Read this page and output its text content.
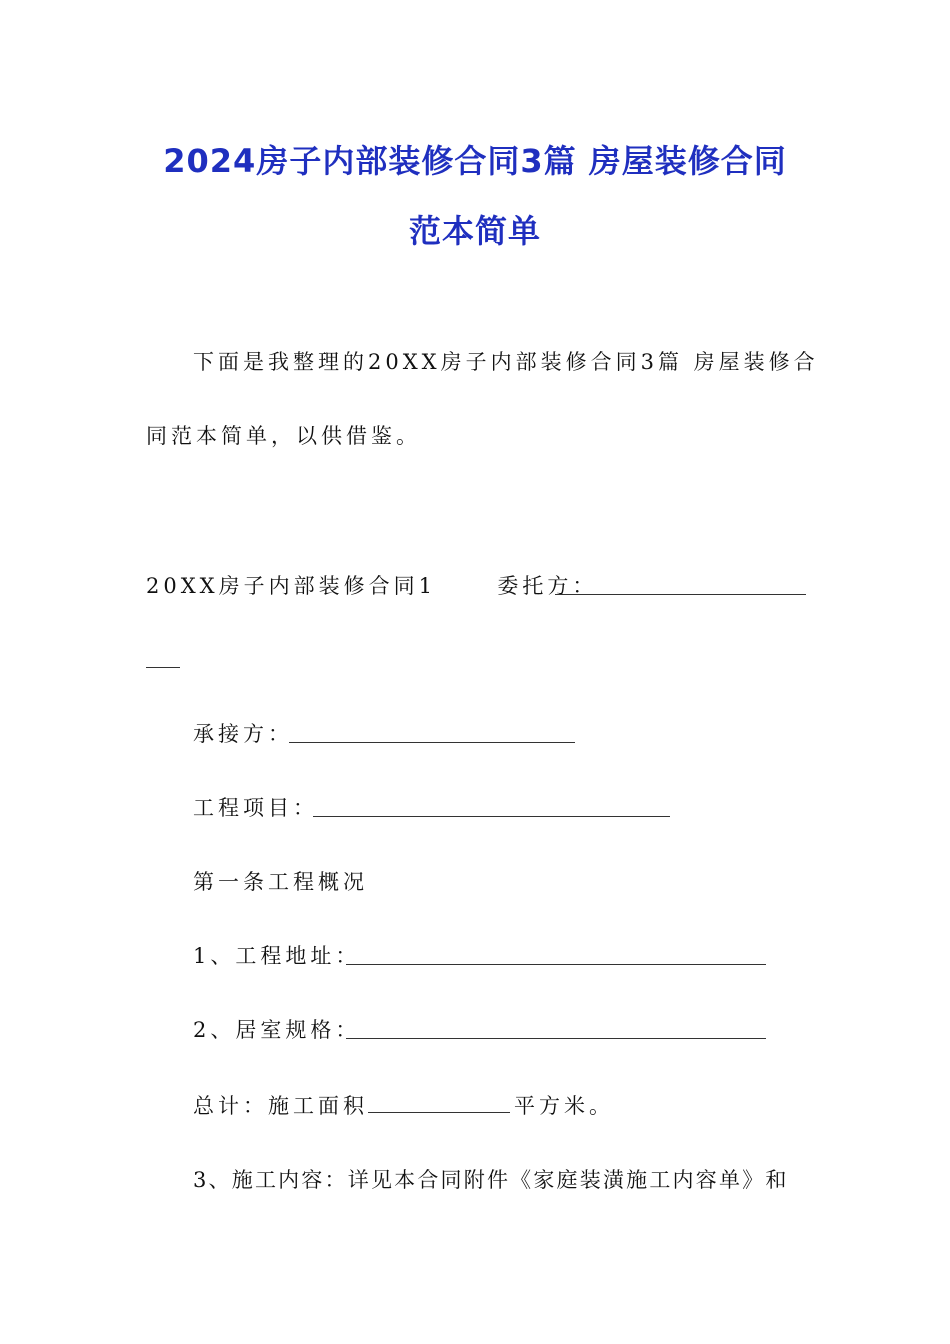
2024房子内部装修合同3篇 房屋装修合同
范本简单
下面是我整理的20XX房子内部装修合同3篇 房屋装修合
同范本简单，以供借鉴。
20XX房子内部装修合同1	委托方：
承接方：
工程项目：
第一条工程概况
1、工程地址：
2、居室规格：
总计：施工面积	平方米。
3、施工内容：详见本合同附件《家庭装潢施工内容单》和
